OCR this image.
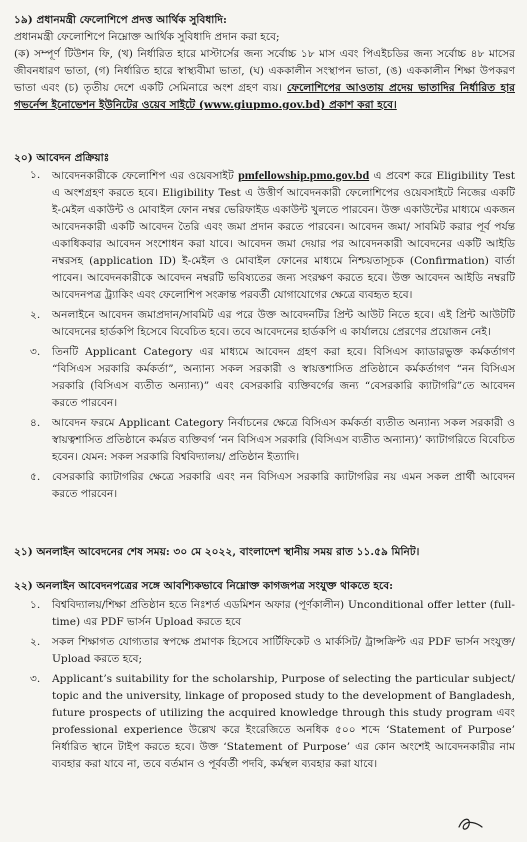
১৯) প্রধানমন্ত্রী ফেলোশিপে প্রদত্ত আর্থিক সুবিধাদি:

প্রধানমন্ত্রী ফেলোশিপে নিম্নোক্ত আর্থিক সুবিধাদি প্রদান করা হবে;

(ক) সম্পূর্ণ টিউশন ফি, (খ) নির্ধারিত হারে মাস্টার্সের জন্য সর্বোচ্চ ১৮ মাস এবং পিএইচডির জন্য সর্বোচ্চ ৪৮ মাসের জীবনধারণ ভাতা, (গ) নির্ধারিত হারে স্বাস্থ্যবীমা ভাতা, (ঘ) এককালীন সংস্থাপন ভাতা, (ঙ) এককালীন শিক্ষা উপকরণ ভাতা এবং (চ) তৃতীয় দেশে একটি সেমিনারে অংশ গ্রহণ ব্যয়। ফেলোশিপের আওতায় প্রদেয় ভাতাদির নির্ধারিত হার গভর্নেন্স ইনোভেশন ইউনিটের ওয়েব সাইটে (www.giupmo.gov.bd) প্রকাশ করা হবে।

২০) আবেদন প্রক্রিয়াঃ

১. আবেদনকারীকে ফেলোশিপ এর ওয়েবসাইট pmfellowship.pmo.gov.bd এ প্রবেশ করে Eligibility Test এ অংশগ্রহণ করতে হবে। Eligibility Test এ উত্তীর্ণ আবেদনকারী ফেলোশিপের ওয়েবসাইটে নিজের একটি ই-মেইল একাউন্ট ও মোবাইল ফোন নম্বর ভেরিফাইড একাউন্ট খুলতে পারবেন। উক্ত একাউন্টের মাধ্যমে একজন আবেদনকারী একটি আবেদন তৈরি এবং জমা প্রদান করতে পারবেন। আবেদন জমা/ সাবমিট করার পূর্ব পর্যন্ত একাধিকবার আবেদন সংশোধন করা যাবে। আবেদন জমা দেয়ার পর আবেদনকারী আবেদনের একটি আইডি নম্বরসহ (application ID) ই-মেইল ও মোবাইল ফোনের মাধ্যমে নিশ্চয়তাসূচক (Confirmation) বার্তা পাবেন। আবেদনকারীকে আবেদন নম্বরটি ভবিষ্যতের জন্য সংরক্ষণ করতে হবে। উক্ত আবেদন আইডি নম্বরটি আবেদনপত্র ট্র্যাকিং এবং ফেলোশিপ সংক্রান্ত পরবর্তী যোগাযোগের ক্ষেত্রে ব্যবহৃত হবে।
২. অনলাইনে আবেদন জমাপ্রদান/সাবমিট এর পরে উক্ত আবেদনটির প্রিন্ট আউট নিতে হবে। এই প্রিন্ট আউটটি আবেদনের হার্ডকপি হিসেবে বিবেচিত হবে। তবে আবেদনের হার্ডকপি এ কার্যালয়ে প্রেরণের প্রয়োজন নেই।
৩. তিনটি Applicant Category এর মাধ্যমে আবেদন গ্রহণ করা হবে। বিসিএস ক্যাডারভুক্ত কর্মকর্তাগণ “বিসিএস সরকারি কর্মকর্তা”, অন্যান্য সকল সরকারী ও স্বায়ত্তশাসিত প্রতিষ্ঠানে কর্মকর্তাগণ “নন বিসিএস সরকারি (বিসিএস ব্যতীত অন্যান্য)” এবং বেসরকারি ব্যক্তিবর্গের জন্য “বেসরকারি ক্যাটাগরি”তে আবেদন করতে পারবেন।
৪. আবেদন ফরমে Applicant Category নির্বাচনের ক্ষেত্রে বিসিএস কর্মকর্তা ব্যতীত অন্যান্য সকল সরকারী ও স্বায়ত্বশাসিত প্রতিষ্ঠানে কর্মরত ব্যক্তিবর্গ ‘নন বিসিএস সরকারি (বিসিএস ব্যতীত অন্যান্য)’ ক্যাটাগরিতে বিবেচিত হবেন। যেমন: সকল সরকারি বিশ্ববিদ্যালয়/ প্রতিষ্ঠান ইত্যাদি।
৫. বেসরকারি ক্যাটাগরির ক্ষেত্রে সরকারি এবং নন বিসিএস সরকারি ক্যাটাগরির নয় এমন সকল প্রার্থী আবেদন করতে পারবেন।

২১) অনলাইন আবেদনের শেষ সময়: ৩০ মে ২০২২, বাংলাদেশ স্থানীয় সময় রাত ১১.৫৯ মিনিট।

২২) অনলাইন আবেদনপত্রের সঙ্গে আবশ্যিকভাবে নিম্নোক্ত কাগজপত্র সংযুক্ত থাকতে হবে:

১. বিশ্ববিদ্যালয়/শিক্ষা প্রতিষ্ঠান হতে নিঃশর্ত এডমিশন অফার (পূর্ণকালীন) Unconditional offer letter (full-time) এর PDF ভার্সন Upload করতে হবে
২. সকল শিক্ষাগত যোগ্যতার স্বপক্ষে প্রমাণক হিসেবে সার্টিফিকেট ও মার্কসিট/ ট্রান্সক্রিপ্ট এর PDF ভার্সন সংযুক্ত/ Upload করতে হবে;
৩. Applicant’s suitability for the scholarship, Purpose of selecting the particular subject/ topic and the university, linkage of proposed study to the development of Bangladesh, future prospects of utilizing the acquired knowledge through this study program এবং professional experience উল্লেখ করে ইংরেজিতে অনধিক ৫০০ শব্দে ‘Statement of Purpose’ নির্ধারিত স্থানে টাইপ করতে হবে। উক্ত ‘Statement of Purpose’ এর কোন অংশেই আবেদনকারীর নাম ব্যবহার করা যাবে না, তবে বর্তমান ও পূর্ববর্তী পদবি, কর্মস্থল ব্যবহার করা যাবে।
